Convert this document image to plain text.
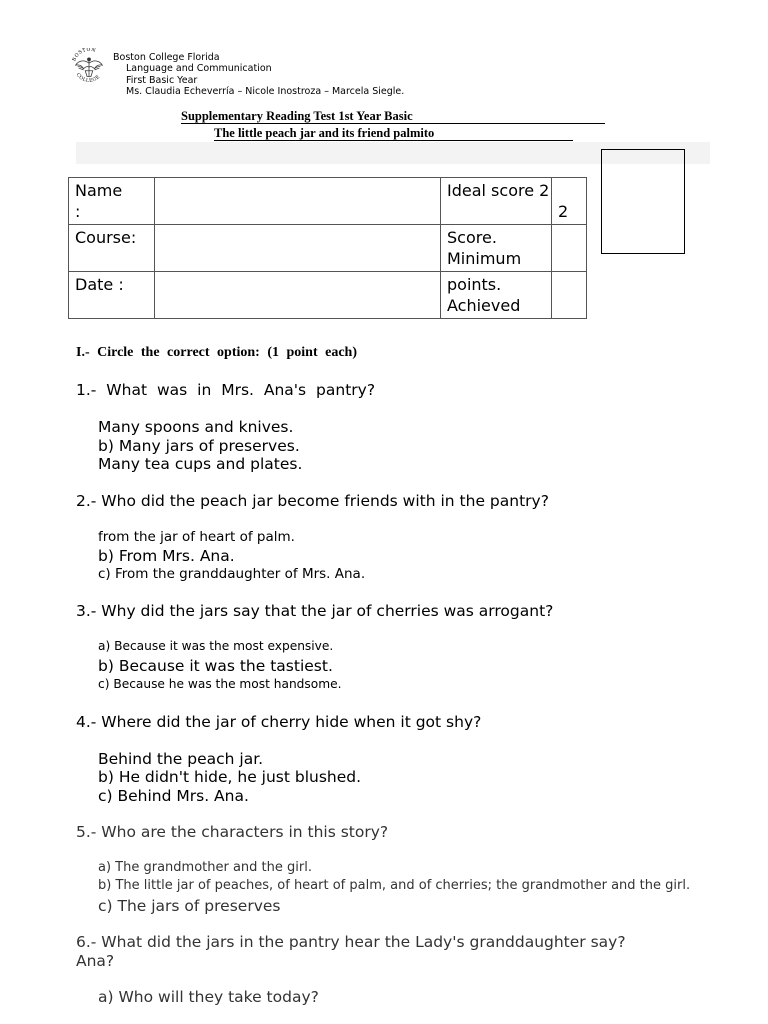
BOSTON
COLLEGE
Boston College Florida
Language and Communication
First Basic Year
Ms. Claudia Echeverría – Nicole Inostroza – Marcela Siegle.
Supplementary Reading Test 1st Year Basic
The little peach jar and its friend palmito
Name
:		Ideal score 2	2

Course:		Score.
Minimum	

Date :		points.
Achieved	

I.- Circle the correct option: (1 point each)
1.- What was in Mrs. Ana's pantry?
Many spoons and knives.
b) Many jars of preserves.
Many tea cups and plates.
2.- Who did the peach jar become friends with in the pantry?
from the jar of heart of palm.
b) From Mrs. Ana.
c) From the granddaughter of Mrs. Ana.
3.- Why did the jars say that the jar of cherries was arrogant?
a) Because it was the most expensive.
b) Because it was the tastiest.
c) Because he was the most handsome.
4.- Where did the jar of cherry hide when it got shy?
Behind the peach jar.
b) He didn't hide, he just blushed.
c) Behind Mrs. Ana.
5.- Who are the characters in this story?
a) The grandmother and the girl.
b) The little jar of peaches, of heart of palm, and of cherries; the grandmother and the girl.
c) The jars of preserves
6.- What did the jars in the pantry hear the Lady's granddaughter say?
Ana?
a) Who will they take today?
